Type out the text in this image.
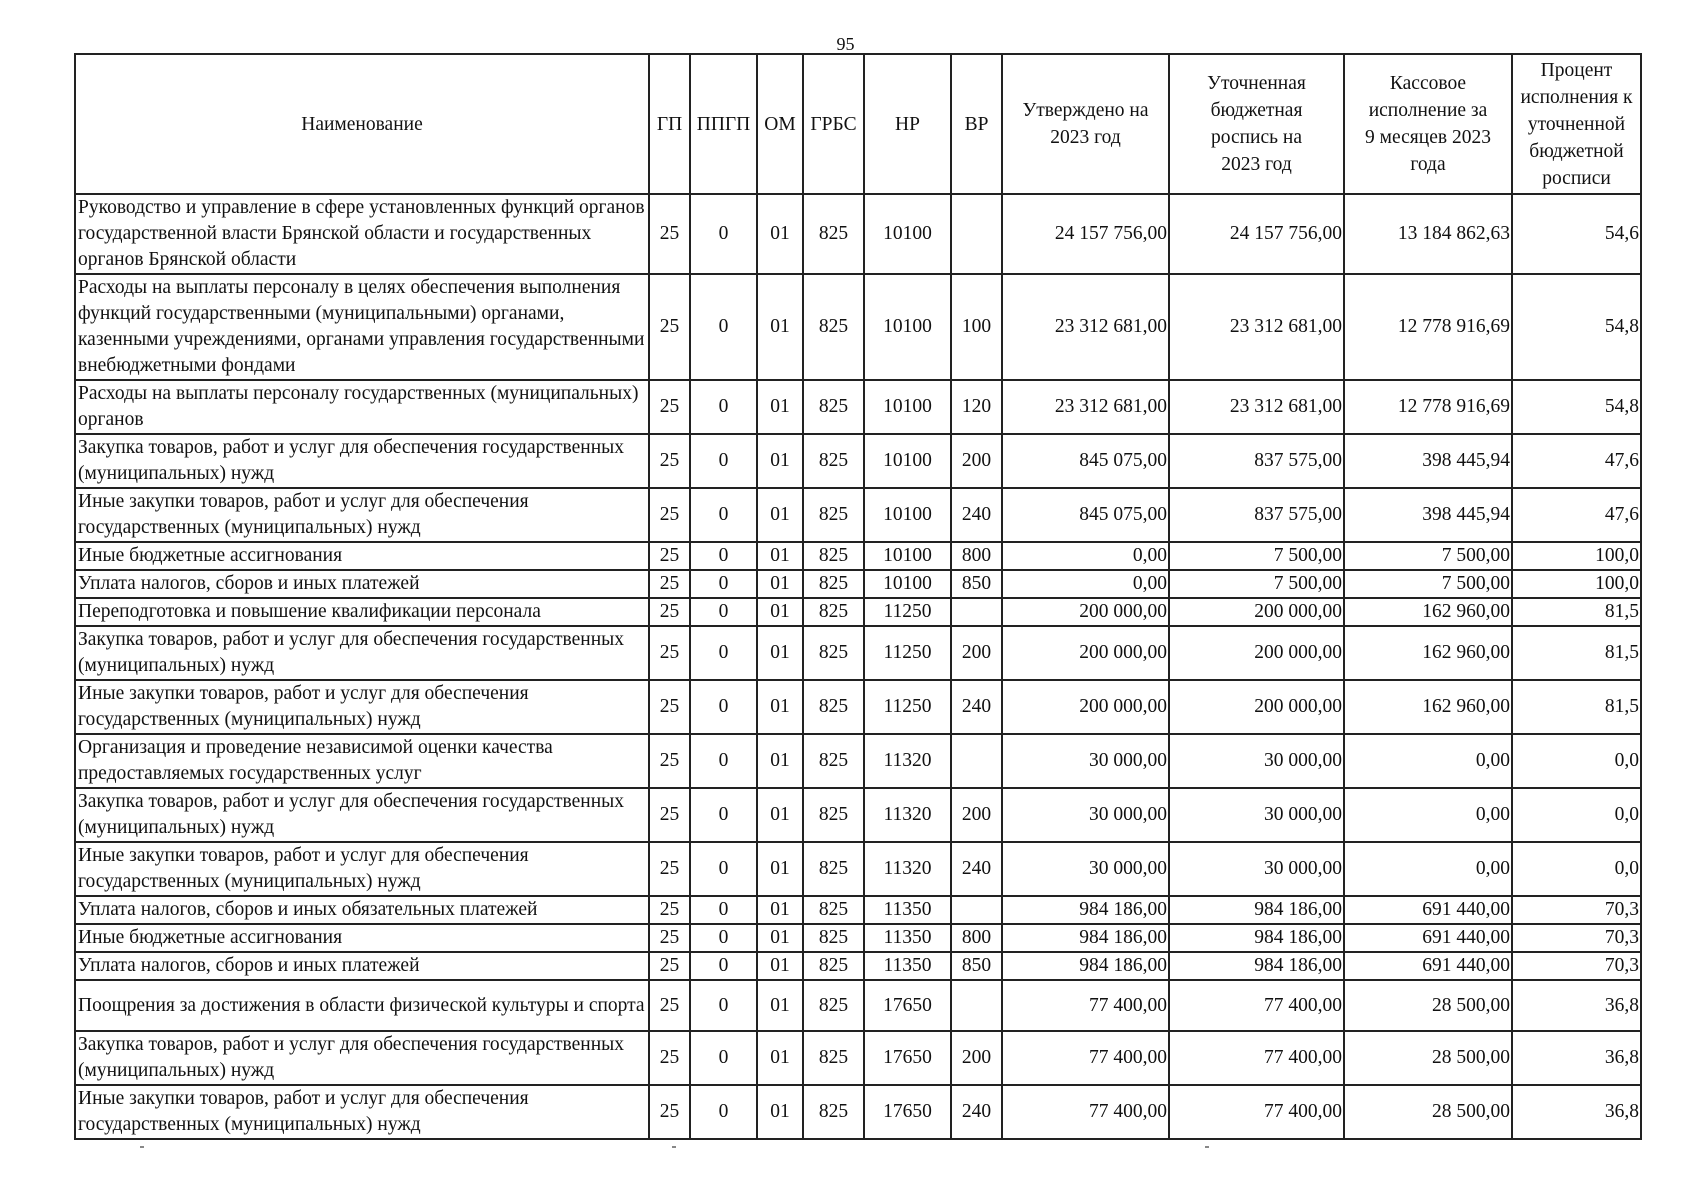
95
Наименование	ГП	ППГП	ОМ	ГРБС	НР	ВР	Утверждено на 2023 год	Уточненная бюджетная роспись на 2023 год	Кассовое исполнение за 9 месяцев 2023 года	Процент исполнения к уточненной бюджетной росписи
Руководство и управление в сфере установленных функций органов государственной власти Брянской области и государственных органов Брянской области	25	0	01	825	10100		24 157 756,00	24 157 756,00	13 184 862,63	54,6
Расходы на выплаты персоналу в целях обеспечения выполнения функций государственными (муниципальными) органами, казенными учреждениями, органами управления государственными внебюджетными фондами	25	0	01	825	10100	100	23 312 681,00	23 312 681,00	12 778 916,69	54,8
Расходы на выплаты персоналу государственных (муниципальных) органов	25	0	01	825	10100	120	23 312 681,00	23 312 681,00	12 778 916,69	54,8
Закупка товаров, работ и услуг для обеспечения государственных (муниципальных) нужд	25	0	01	825	10100	200	845 075,00	837 575,00	398 445,94	47,6
Иные закупки товаров, работ и услуг для обеспечения государственных (муниципальных) нужд	25	0	01	825	10100	240	845 075,00	837 575,00	398 445,94	47,6
Иные бюджетные ассигнования	25	0	01	825	10100	800	0,00	7 500,00	7 500,00	100,0
Уплата налогов, сборов и иных платежей	25	0	01	825	10100	850	0,00	7 500,00	7 500,00	100,0
Переподготовка и повышение квалификации персонала	25	0	01	825	11250		200 000,00	200 000,00	162 960,00	81,5
Закупка товаров, работ и услуг для обеспечения государственных (муниципальных) нужд	25	0	01	825	11250	200	200 000,00	200 000,00	162 960,00	81,5
Иные закупки товаров, работ и услуг для обеспечения государственных (муниципальных) нужд	25	0	01	825	11250	240	200 000,00	200 000,00	162 960,00	81,5
Организация и проведение независимой оценки качества предоставляемых государственных услуг	25	0	01	825	11320		30 000,00	30 000,00	0,00	0,0
Закупка товаров, работ и услуг для обеспечения государственных (муниципальных) нужд	25	0	01	825	11320	200	30 000,00	30 000,00	0,00	0,0
Иные закупки товаров, работ и услуг для обеспечения государственных (муниципальных) нужд	25	0	01	825	11320	240	30 000,00	30 000,00	0,00	0,0
Уплата налогов, сборов и иных обязательных платежей	25	0	01	825	11350		984 186,00	984 186,00	691 440,00	70,3
Иные бюджетные ассигнования	25	0	01	825	11350	800	984 186,00	984 186,00	691 440,00	70,3
Уплата налогов, сборов и иных платежей	25	0	01	825	11350	850	984 186,00	984 186,00	691 440,00	70,3
Поощрения за достижения в области физической культуры и спорта	25	0	01	825	17650		77 400,00	77 400,00	28 500,00	36,8
Закупка товаров, работ и услуг для обеспечения государственных (муниципальных) нужд	25	0	01	825	17650	200	77 400,00	77 400,00	28 500,00	36,8
Иные закупки товаров, работ и услуг для обеспечения государственных (муниципальных) нужд	25	0	01	825	17650	240	77 400,00	77 400,00	28 500,00	36,8
